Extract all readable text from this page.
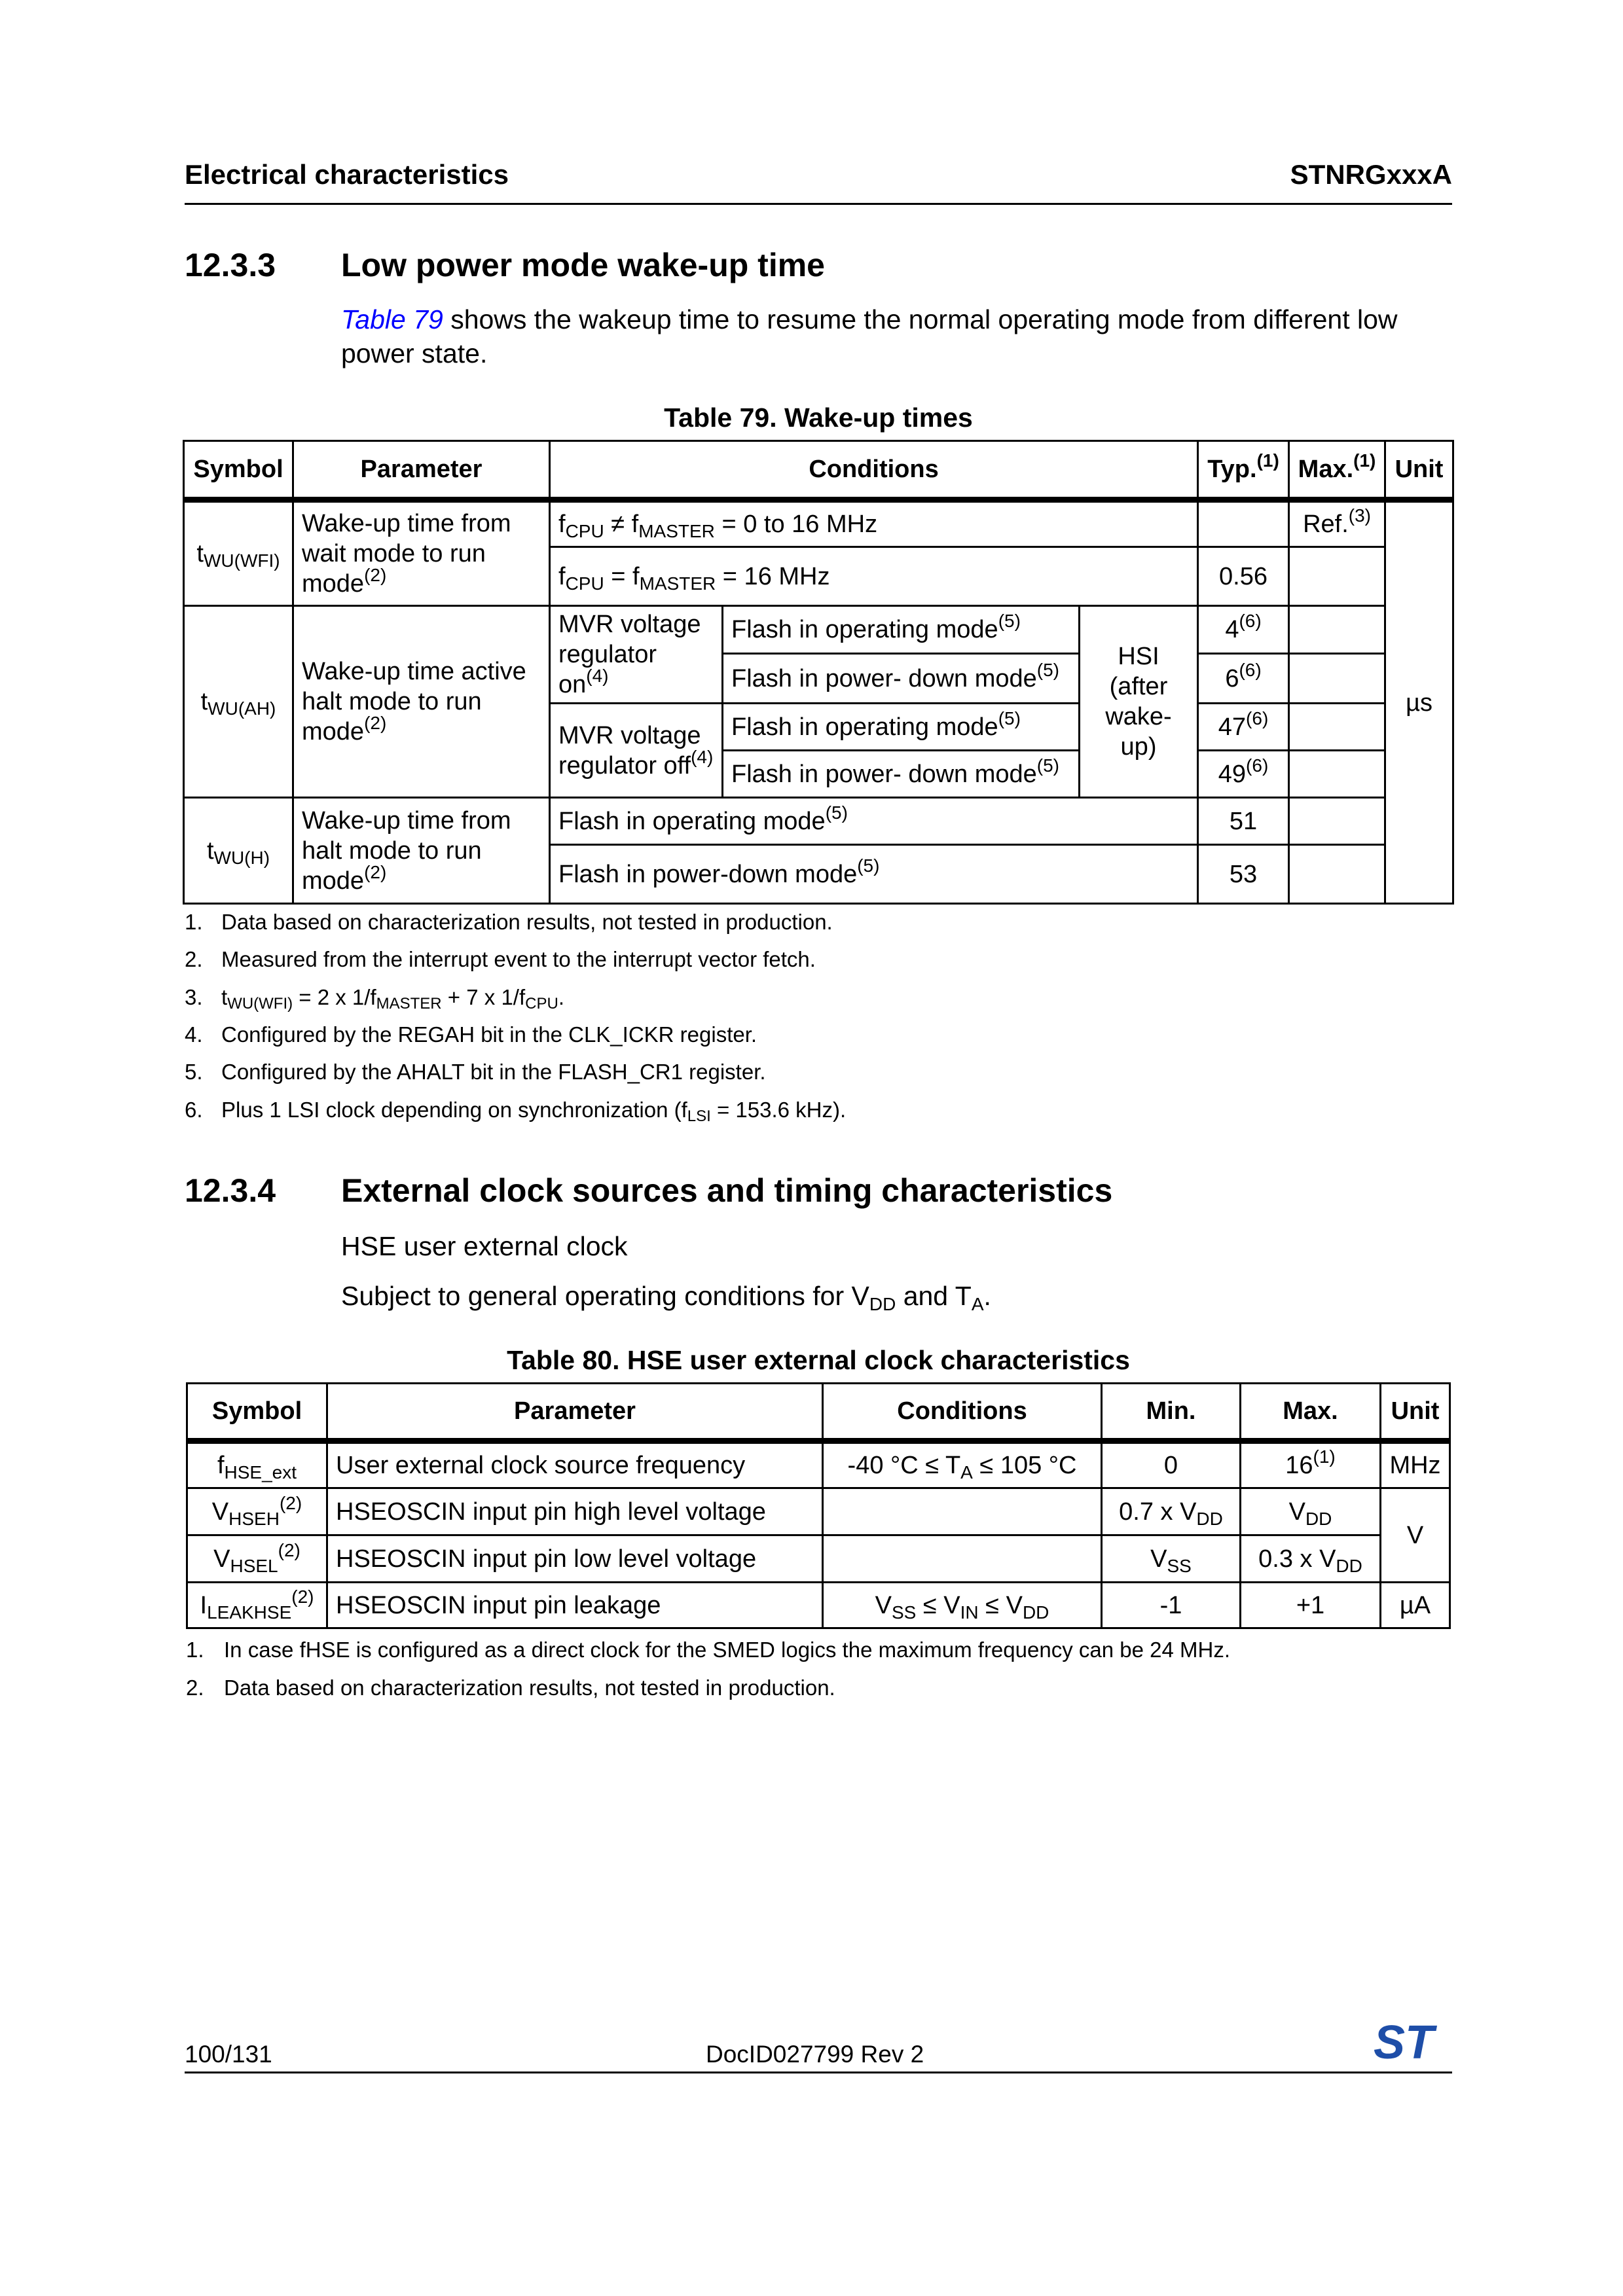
Electrical characteristics	STNRGxxxA
12.3.3 Low power mode wake-up time
Table 79 shows the wakeup time to resume the normal operating mode from different low
power state.
Table 79. Wake-up times
Symbol	Parameter	Conditions			Typ.$^{(1)}$	Max.$^{(1)}$	Unit
$t_{WU(WFI)}$	Wake-up time from wait mode to run mode$^{(2)}$	$f_{CPU} \ne f_{MASTER} = 0$ to 16 MHz				Ref.$^{(3)}$	µs
		$f_{CPU} = f_{MASTER} = 16$ MHz			0.56		
$t_{WU(AH)}$	Wake-up time active halt mode to run mode$^{(2)}$	MVR voltage regulator $on^{(4)}$	Flash in operating mode$^{(5)}$	HSI (after wake-up)	4$^{(6)}$	
			Flash in power- down mode$^{(5)}$		6$^{(6)}$	
		MVR voltage regulator off$^{(4)}$	Flash in operating mode$^{(5)}$		47$^{(6)}$	
			Flash in power- down mode$^{(5)}$		49$^{(6)}$	
$t_{WU(H)}$	Wake-up time from halt mode to run mode$^{(2)}$	Flash in operating mode$^{(5)}$			51		
		Flash in power-down mode$^{(5)}$			53		
1. Data based on characterization results, not tested in production.
2. Measured from the interrupt event to the interrupt vector fetch.
3. $t_{WU(WFI)} = 2$ x $1/f_{MASTER} + 7$ x $1/f_{CPU}$.
4. Configured by the REGAH bit in the CLK_ICKR register.
5. Configured by the AHALT bit in the FLASH_CR1 register.
6. Plus 1 LSI clock depending on synchronization ($f_{LSI} = 153.6$ kHz).
12.3.4 External clock sources and timing characteristics
HSE user external clock
Subject to general operating conditions for $V_{DD}$ and $T_A$.
Table 80. HSE user external clock characteristics
Symbol	Parameter	Conditions	Min.	Max.	Unit
$f_{HSE\_ext}$	User external clock source frequency	-40 $^\circ C \le T_A \le 105$ °C	0	16$^{(1)}$	MHz
$V_{HSEH}^{(2)}$	HSEOSCIN input pin high level voltage		0.7 x $V_{DD}$	$V_{DD}$	V
$V_{HSEL}^{(2)}$	HSEOSCIN input pin low level voltage		$V_{SS}$	0.3 x $V_{DD}$
$I_{LEAKHSE}^{(2)}$	HSEOSCIN input pin leakage	$V_{SS} \le V_{IN} \le V_{DD}$	-1	+1	µA
1. In case fHSE is configured as a direct clock for the SMED logics the maximum frequency can be 24 MHz.
2. Data based on characterization results, not tested in production.
100/131	DocID027799 Rev 2	ST
